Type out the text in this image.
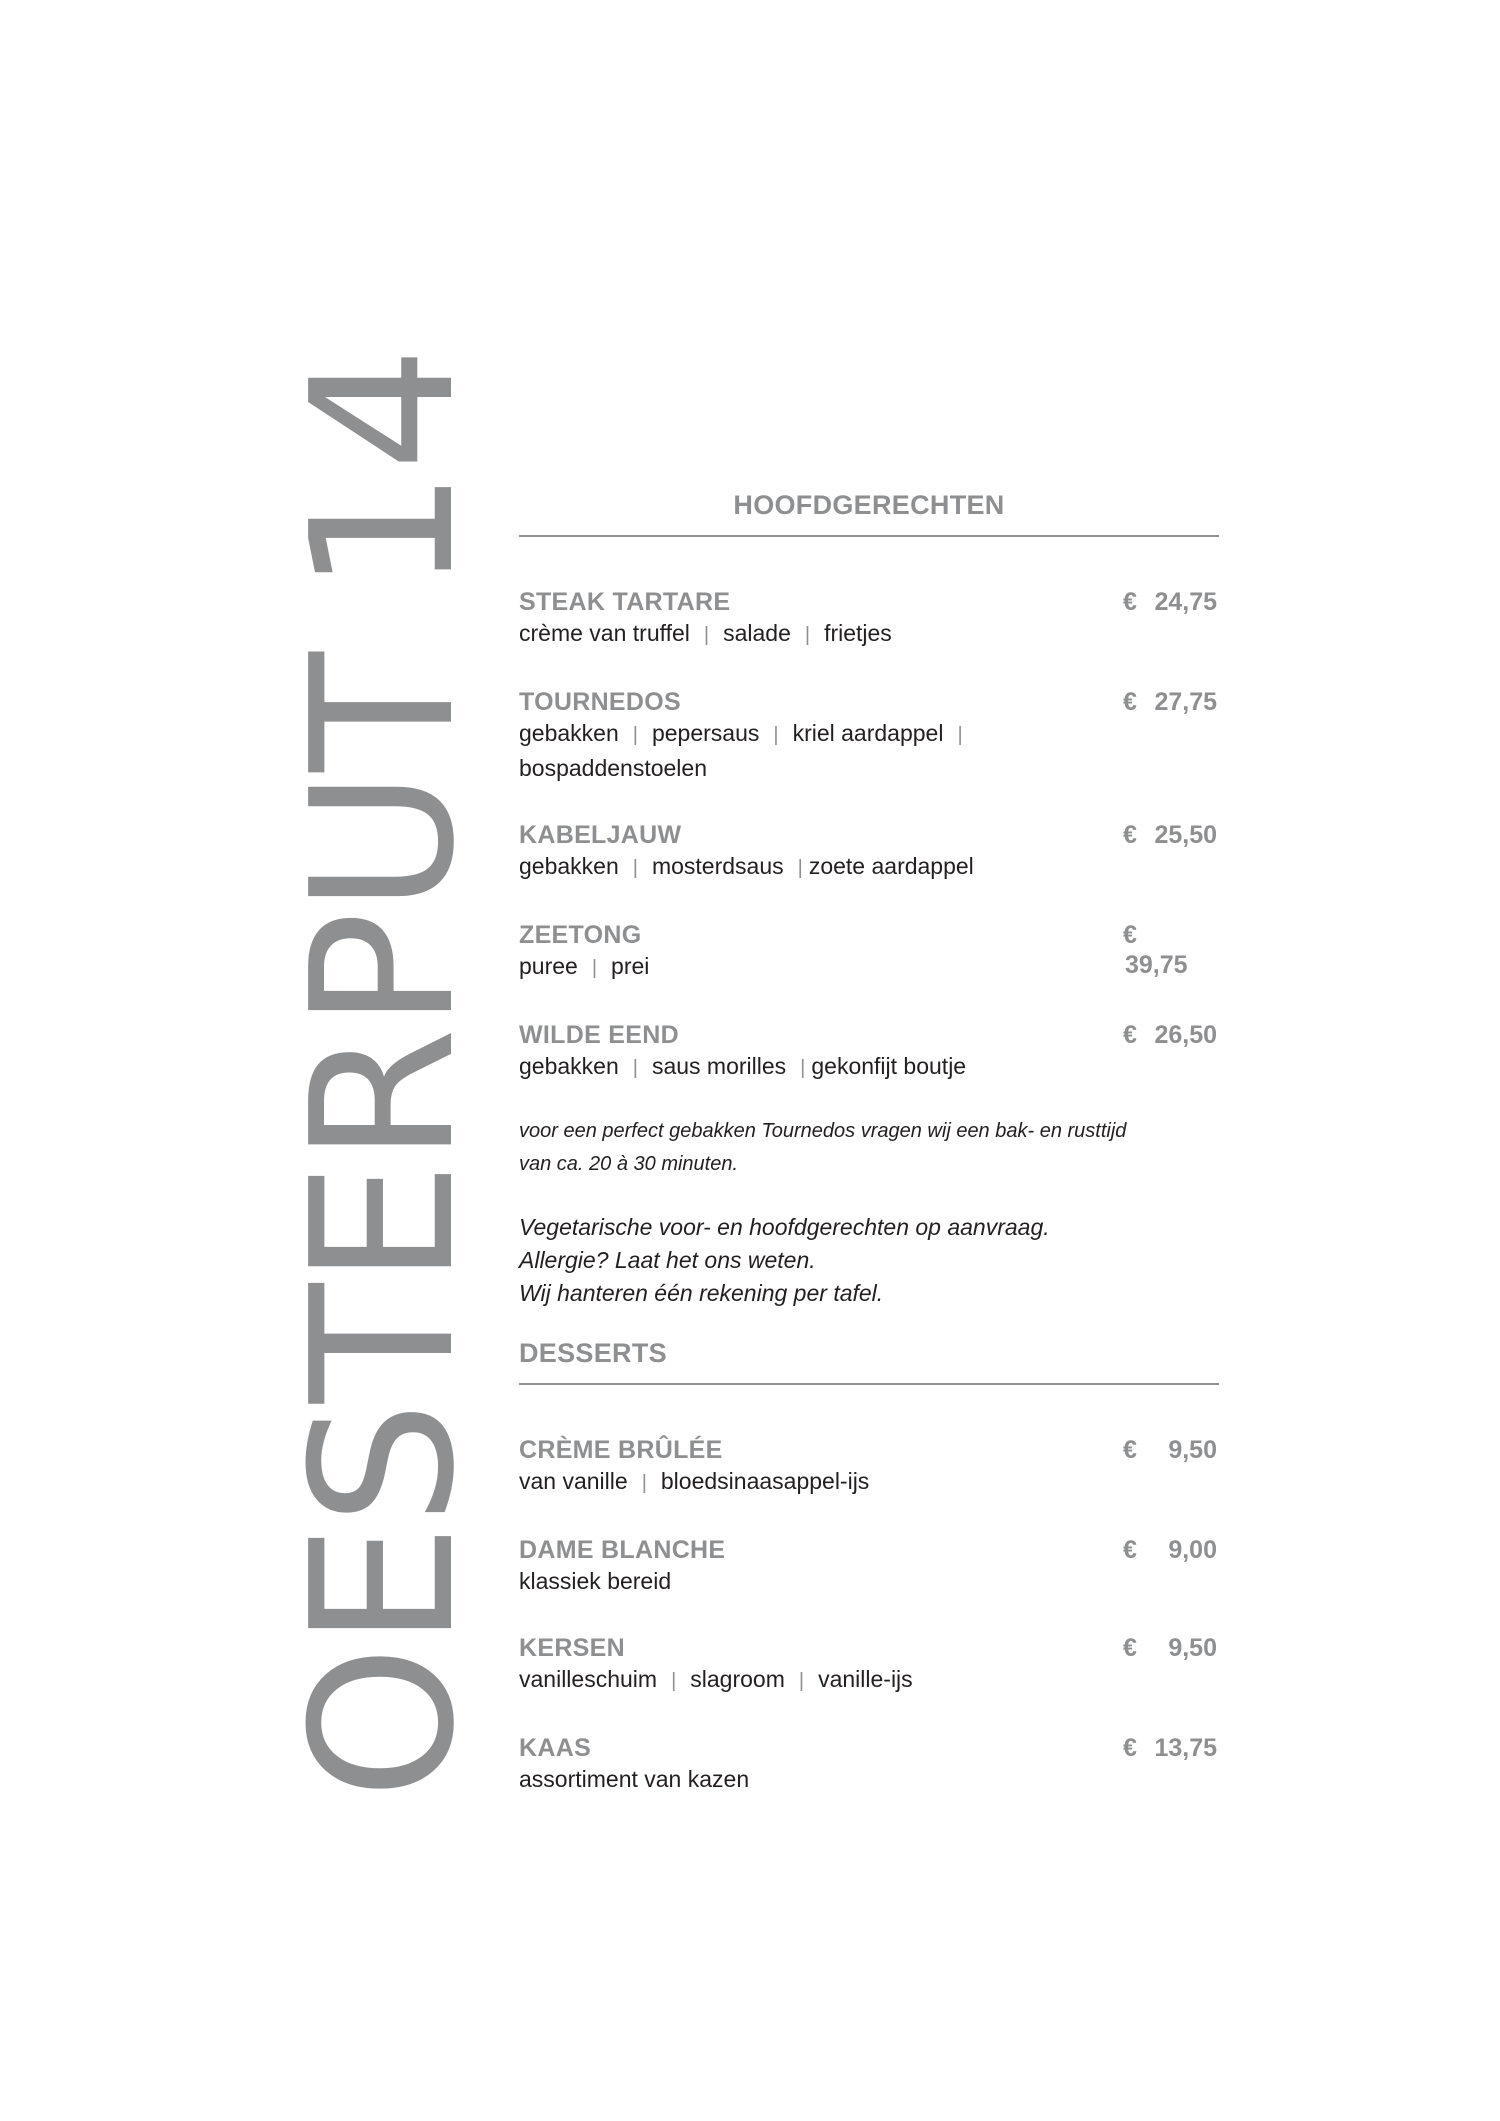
OESTERPUT 14	HOOFDGERECHTEN
STEAK TARTARE	€ 24,75
crème van truffel | salade | frietjes
TOURNEDOS	€ 27,75
gebakken | pepersaus | kriel aardappel |
bospaddenstoelen
KABELJAUW	€ 25,50
gebakken | mosterdsaus | zoete aardappel
ZEETONG	€39,75
puree | prei
WILDE EEND	€ 26,50
gebakken | saus morilles | gekonfijt boutje
voor een perfect gebakken Tournedos vragen wij een bak- en rusttijd
van ca. 20 à 30 minuten.
Vegetarische voor- en hoofdgerechten op aanvraag.
Allergie? Laat het ons weten.
Wij hanteren één rekening per tafel.
DESSERTS
CRÈME BRÛLÉE	€ 9,50
van vanille | bloedsinaasappel-ijs
DAME BLANCHE	€ 9,00
klassiek bereid
KERSEN	€ 9,50
vanilleschuim | slagroom | vanille-ijs
KAAS	€ 13,75
assortiment van kazen
